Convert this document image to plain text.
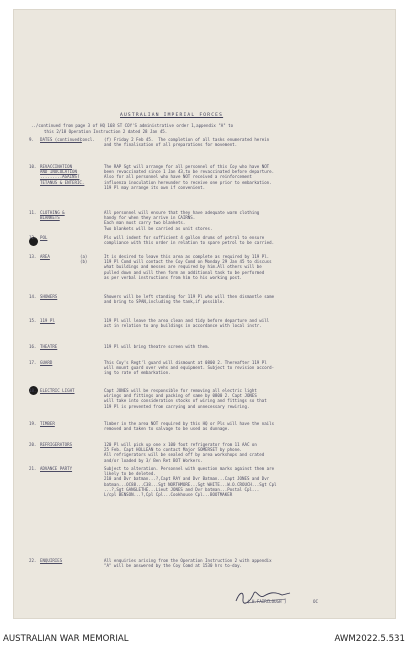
AUSTRALIAN IMPERIAL FORCES
../continued from page 3 of HQ 168 ST COY'S administrative order 1,appendix "A" to
this 2/18 Operation Instruction 2 dated 28 Jan 45.
9. DATES (continued)
concl. (f) Friday 2 Feb 45.  The completion of all tasks enumerated herein
and the finalisation of all preparations for movement.
10. REVACCINATION
AND INOCULATION
.........AGAINST
TETANUS & ENTERIC.
The RAP Sgt will arrange for all personnel of this Coy who have NOT
been revaccinated since 1 Jan 43,to be revaccinated before departure.
Also for all personnel who have NOT received a reinforcement
influenza inoculation hereunder to receive one prior to embarkation.
119 Pl may arrange its own if convenient.
11. CLOTHING &
BLANKETS
All personnel will ensure that they have adequate warm clothing
handy for when they arrive in CAIRNS.
Each man must carry two blankets.
Two blankets will be carried as unit stores.
12. POL	Pls will indent for sufficient 4 gallon drums of petrol to ensure
compliance with this order in relation to spare petrol to be carried.
13. AREA	(a)
(b)
It is desired to leave this area as complete as required by 119 Pl.
119 Pl Comd will contact the Coy Comd on Monday 29 Jan 45 to discuss
what buildings and messes are required by him.All others will be
pulled down and will then form an additional task to be performed
as per verbal instructions from him to his working post.
14. SHOWERS	Showers will be left standing for 119 Pl who will then dismantle same
and bring to SPAN,including the tank,if possible.
15. 119 Pl	119 Pl will leave the area clean and tidy before departure and will
act in relation to any buildings in accordance with local instr.
16. THEATRE	119 Pl will bring theatre screen with them.
17. GUARD	This Coy's Regt'l guard will dismount at 0800 2. Thereafter 119 Pl
will mount guard over vehs and equipment. Subject to revision accord-
ing to rate of embarkation.
18. ELECTRIC LIGHT	Capt JONES will be responsible for removing all electric light
wirings and fittings and packing of same by 0800 2. Capt JONES
will take into consideration stocks of wiring and fittings so that
119 Pl is prevented from carrying and unnecessary rewiring.
19. TIMBER	Timber in the area NOT required by this HQ or Pls will have the nails
removed and taken to salvage to be used as dunnage.
20. REFRIGERATORS	120 Pl will pick up one x 100 foot refrigerator from 11 AAC on
25 Feb. Capt HOLLEAN to contact Major SOMERSET by phone.
All refrigerators will be sealed off by area workshops and crated
and/or loaded by 3/ Ben Ret BOT Workers.
21. ADVANCE PARTY	Subject to alteration. Personnel with question marks against them are
likely to be deleted.
210 and Dvr batman...?,Capt RAY and Dvr Batman...Capt JONES and Dvr
batman...OC88...C38...Sgt NORTHMORE...Sgt WHITE...W.O.CROUCH...Sgt Cpl
...?,Sgt GANGLETHE...Lieut JONES and Dvr batman...Postal Cpl...
L/cpl BENSON...?,Cpl Cpl...Cookhouse Cpl...BOOTMAKER
22. ENQUIRIES	All enquiries arising from the Operation Instruction 2 with appendix
"A" will be answered by the Coy Comd at 1530 hrs to-day.
( H.FAIRCLOUGH )	OC
AUSTRALIAN WAR MEMORIAL	AWM2022.5.531
